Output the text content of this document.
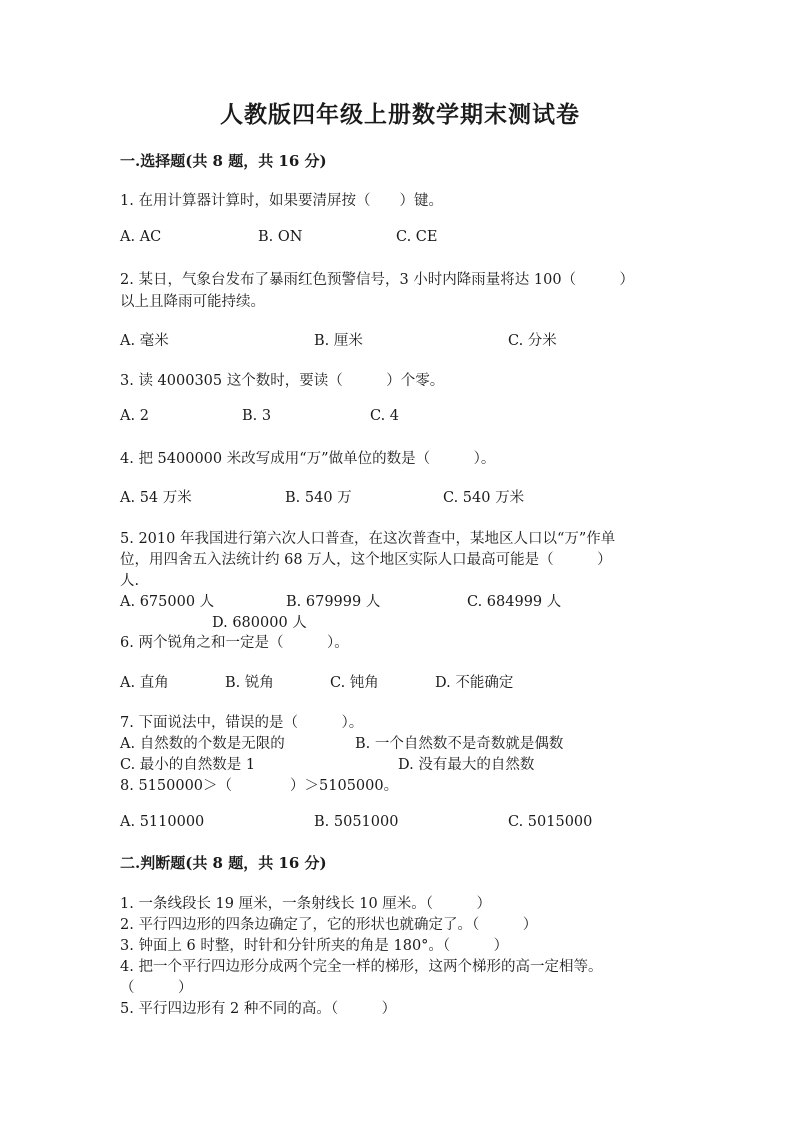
人教版四年级上册数学期末测试卷
一.选择题(共 8 题，共 16 分)
1. 在用计算器计算时，如果要清屏按（　　）键。
A. AC	B. ON	C. CE
2. 某日，气象台发布了暴雨红色预警信号，3 小时内降雨量将达 100（　　　）
以上且降雨可能持续。
A. 毫米	B. 厘米	C. 分米
3. 读 4000305 这个数时，要读（　　　）个零。
A. 2	B. 3	C. 4
4. 把 5400000 米改写成用“万”做单位的数是（　　　）。
A. 54 万米	B. 540 万	C. 540 万米
5. 2010 年我国进行第六次人口普查，在这次普查中，某地区人口以“万”作单
位，用四舍五入法统计约 68 万人，这个地区实际人口最高可能是（　　　）
人.
A. 675000 人	B. 679999 人	C. 684999 人
D. 680000 人
6. 两个锐角之和一定是（　　　）。
A. 直角	B. 锐角	C. 钝角	D. 不能确定
7. 下面说法中，错误的是（　　　）。
A. 自然数的个数是无限的	B. 一个自然数不是奇数就是偶数
C. 最小的自然数是 1	D. 没有最大的自然数
8. 5150000＞（　　　　）＞5105000。
A. 5110000	B. 5051000	C. 5015000
二.判断题(共 8 题，共 16 分)
1. 一条线段长 19 厘米，一条射线长 10 厘米。（　　　）
2. 平行四边形的四条边确定了，它的形状也就确定了。（　　　）
3. 钟面上 6 时整，时针和分针所夹的角是 180°。（　　　）
4. 把一个平行四边形分成两个完全一样的梯形，这两个梯形的高一定相等。
（　　　）
5. 平行四边形有 2 种不同的高。（　　　）
